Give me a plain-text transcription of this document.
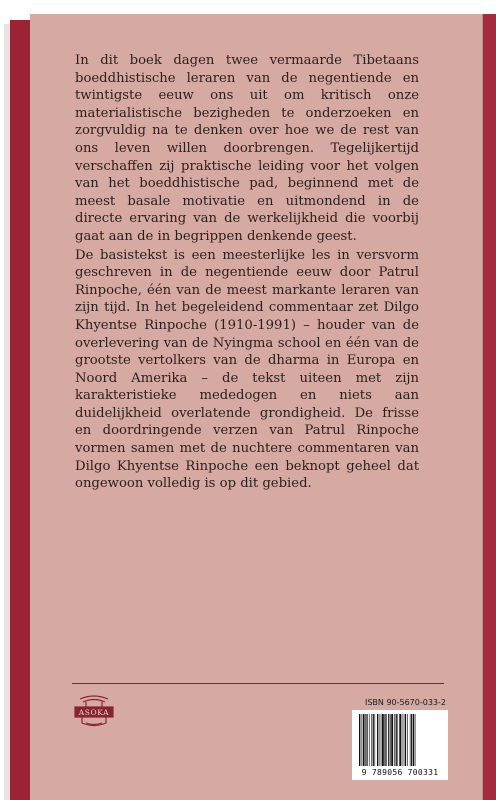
In dit boek dagen twee vermaarde Tibetaans boeddhistische leraren van de negentiende en twintigste eeuw ons uit om kritisch onze materialistische bezigheden te onderzoeken en zorgvuldig na te denken over hoe we de rest van ons leven willen doorbrengen. Tegelijkertijd verschaffen zij praktische leiding voor het volgen van het boeddhistische pad, beginnend met de meest basale motivatie en uitmondend in de directe ervaring van de werkelijkheid die voorbij gaat aan de in begrippen denkende geest.

De basistekst is een meesterlijke les in versvorm geschreven in de negentiende eeuw door Patrul Rinpoche, één van de meest markante leraren van zijn tijd. In het begeleidend commentaar zet Dilgo Khyentse Rinpoche (1910-1991) – houder van de overlevering van de Nyingma school en één van de grootste vertolkers van de dharma in Europa en Noord Amerika – de tekst uiteen met zijn karakteristieke mededogen en niets aan duidelijkheid overlatende grondigheid. De frisse en doordringende verzen van Patrul Rinpoche vormen samen met de nuchtere commentaren van Dilgo Khyentse Rinpoche een beknopt geheel dat ongewoon volledig is op dit gebied.

ASOKA
ISBN 90-5670-033-2
9 789056 700331
